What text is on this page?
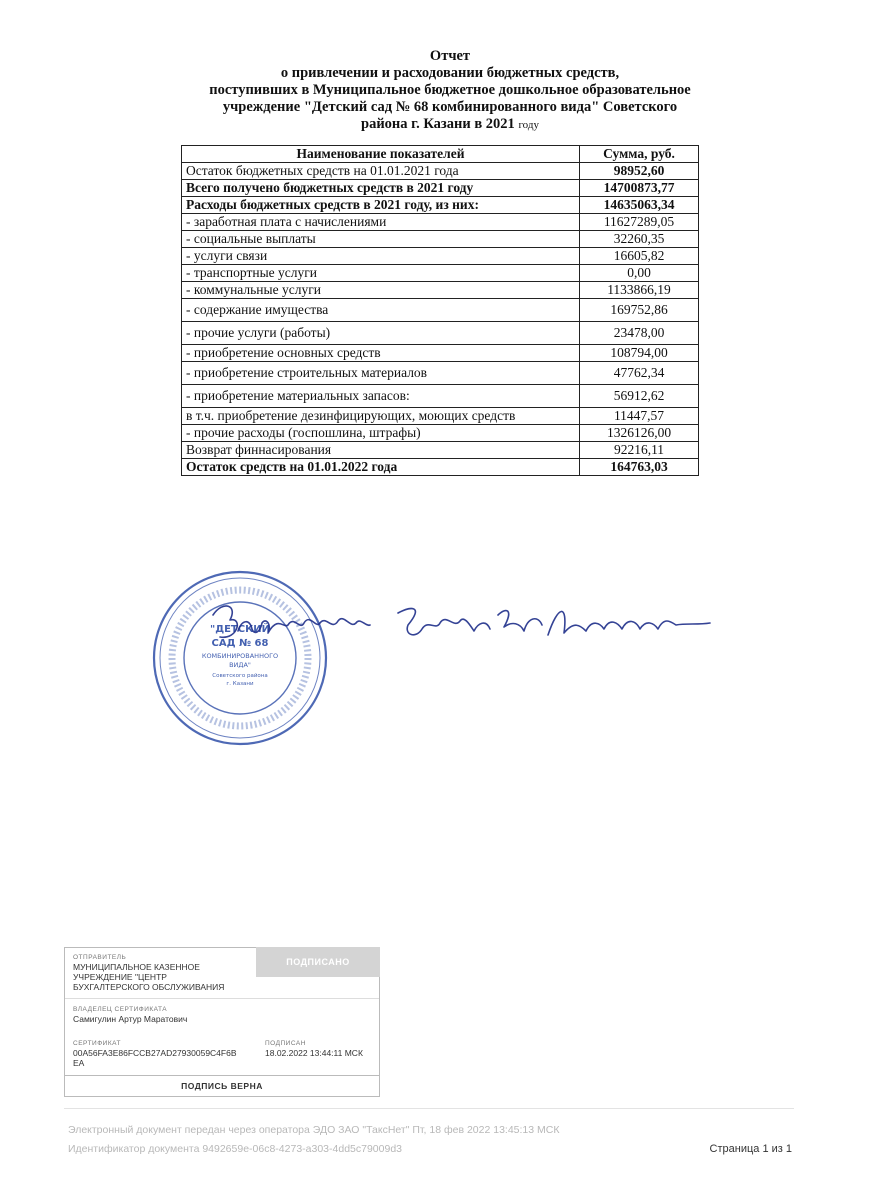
Отчет
о привлечении и расходовании бюджетных средств,
поступивших в Муниципальное бюджетное дошкольное образовательное
учреждение "Детский сад № 68 комбинированного вида" Советского
района г. Казани в 2021 году
Наименование показателей	Сумма, руб.
Остаток бюджетных средств на 01.01.2021 года	98952,60
Всего получено бюджетных средств в 2021 году	14700873,77
Расходы бюджетных средств в 2021 году, из них:	14635063,34
- заработная плата с начислениями	11627289,05
- социальные выплаты	32260,35
- услуги связи	16605,82
- транспортные услуги	0,00
- коммунальные услуги	1133866,19
- содержание имущества	169752,86
- прочие услуги (работы)	23478,00
- приобретение основных средств	108794,00
- приобретение строительных материалов	47762,34
- приобретение материальных запасов:	56912,62
в т.ч. приобретение дезинфицирующих, моющих средств	11447,57
- прочие расходы (госпошлина, штрафы)	1326126,00
Возврат финнасирования	92216,11
Остаток средств на 01.01.2022 года	164763,03
"ДЕТСКИЙ
САД № 68
КОМБИНИРОВАННОГО
ВИДА"
Советского района
г. Казани
ОТПРАВИТЕЛЬ
МУНИЦИПАЛЬНОЕ КАЗЕННОЕ
УЧРЕЖДЕНИЕ "ЦЕНТР
БУХГАЛТЕРСКОГО ОБСЛУЖИВАНИЯ
ПОДПИСАНО
ВЛАДЕЛЕЦ СЕРТИФИКАТА
Самигулин Артур Маратович
СЕРТИФИКАТ
00A56FA3E86FCCB27AD27930059C4F6B
EA
ПОДПИСАН
18.02.2022 13:44:11 МСК
ПОДПИСЬ ВЕРНА
Электронный документ передан через оператора ЭДО ЗАО "ТаксНет" Пт, 18 фев 2022 13:45:13 МСК
Идентификатор документа 9492659e-06c8-4273-a303-4dd5c79009d3	Страница 1 из 1
